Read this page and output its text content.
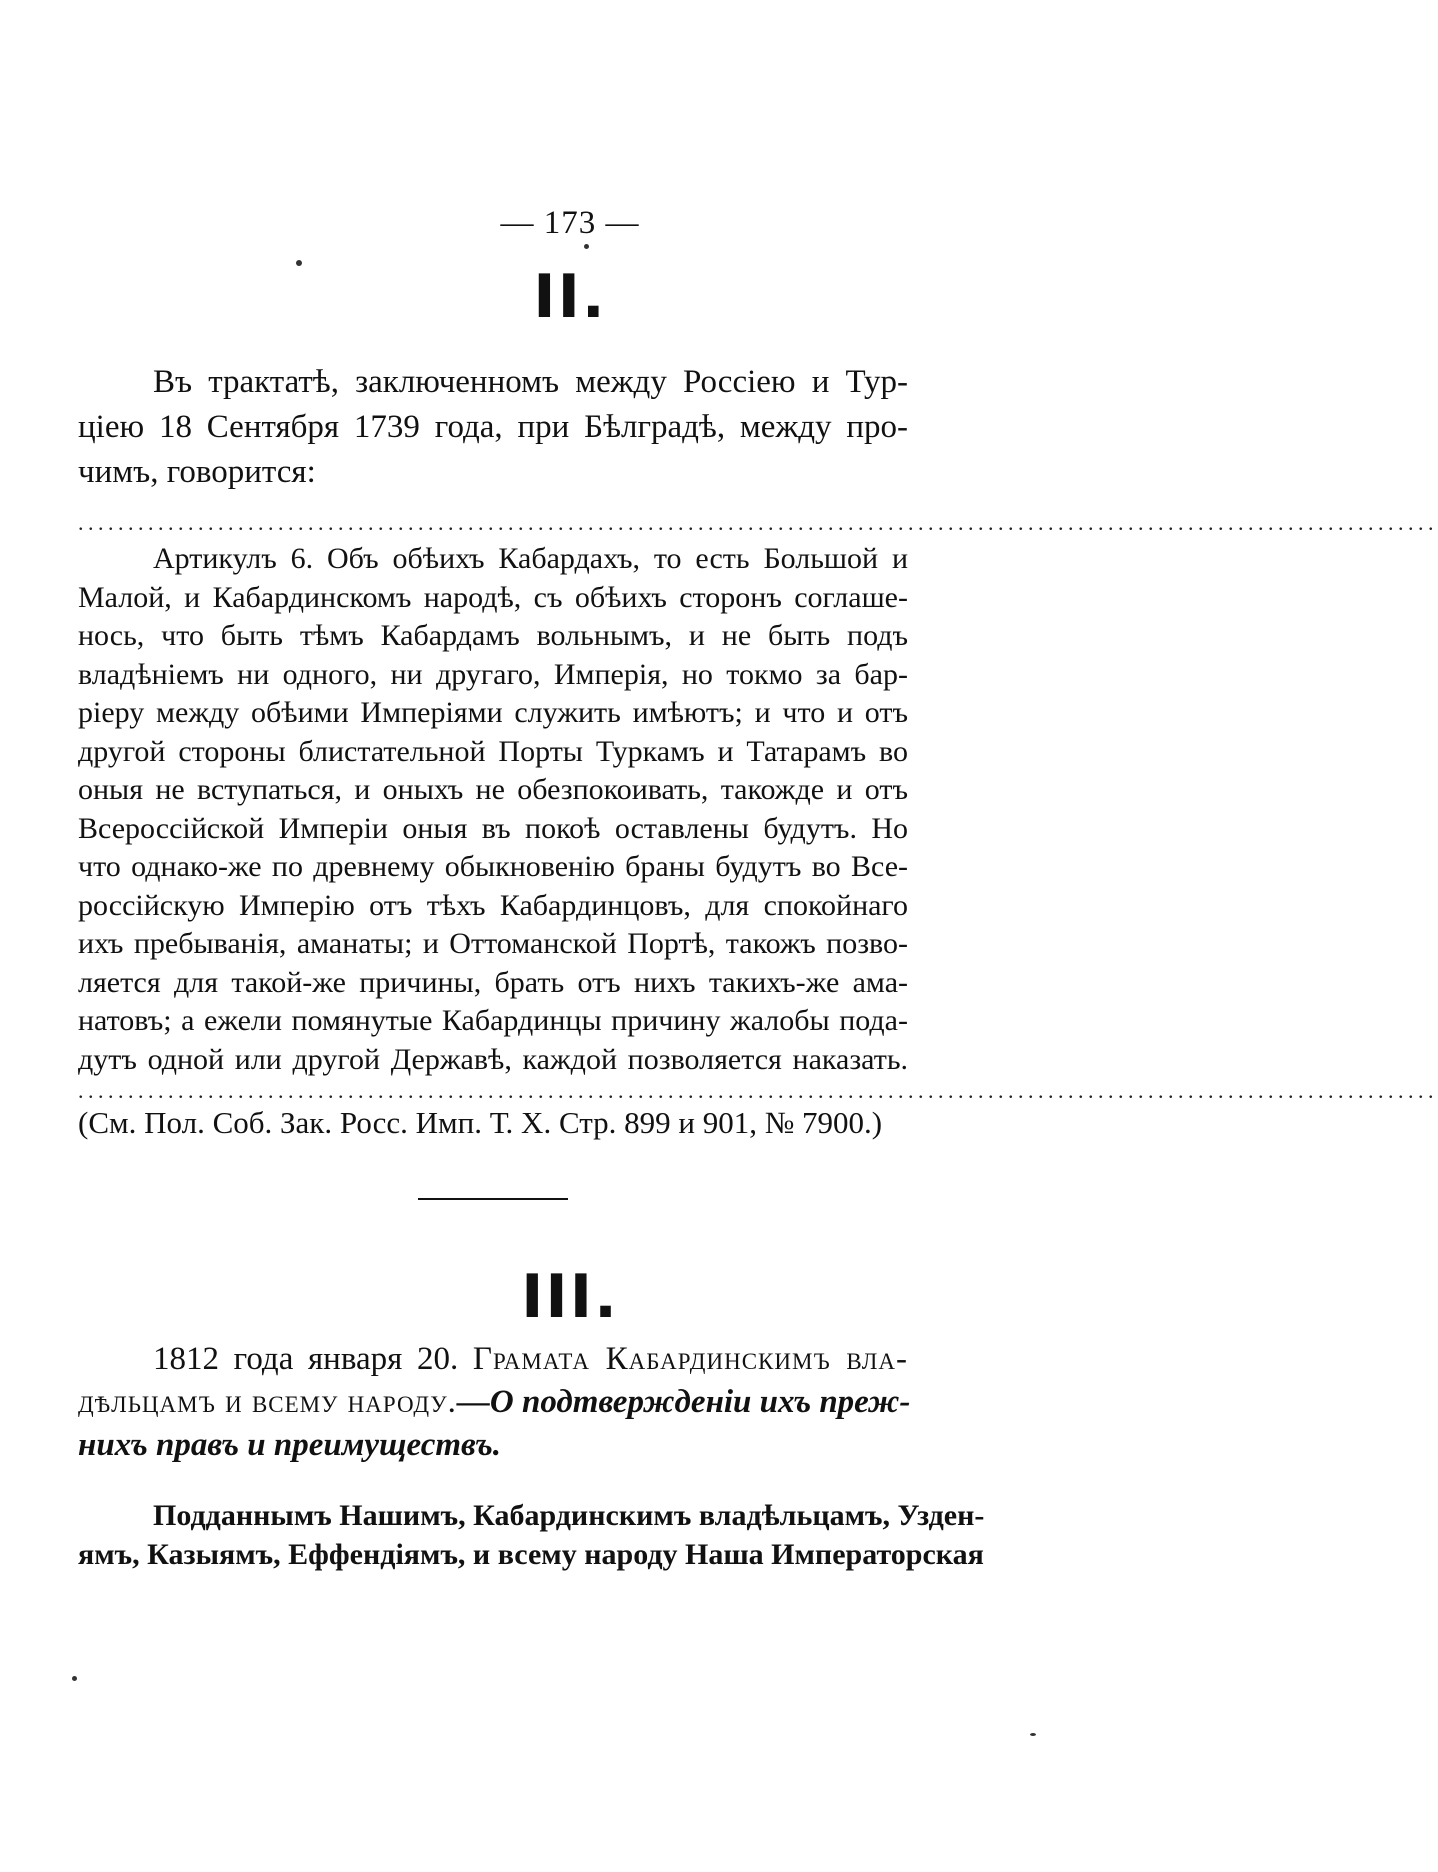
— 173 —
II.
Въ трактатѣ, заключенномъ между Россіею и Тур-
ціею 18 Сентября 1739 года, при Бѣлградѣ, между про-
чимъ, говорится:
........................................................................................................................................
Артикулъ 6. Объ обѣихъ Кабардахъ, то есть Большой и
Малой, и Кабардинскомъ народѣ, съ обѣихъ сторонъ соглаше-
нось, что быть тѣмъ Кабардамъ вольнымъ, и не быть подъ
владѣніемъ ни одного, ни другаго, Имперія, но токмо за бар-
ріеру между обѣими Имперіями служить имѣютъ; и что и отъ
другой стороны блистательной Порты Туркамъ и Татарамъ во
оныя не вступаться, и оныхъ не обезпокоивать, такожде и отъ
Всероссійской Имперіи оныя въ покоѣ оставлены будутъ. Но
что однако-же по древнему обыкновенію браны будутъ во Все-
россійскую Имперію отъ тѣхъ Кабардинцовъ, для спокойнаго
ихъ пребыванія, аманаты; и Оттоманской Портѣ, такожъ позво-
ляется для такой-же причины, брать отъ нихъ такихъ-же ама-
натовъ; а ежели помянутые Кабардинцы причину жалобы пода-
дутъ одной или другой Державѣ, каждой позволяется наказать.
........................................................................................................................................
(См. Пол. Соб. Зак. Росс. Имп. Т. X. Стр. 899 и 901, № 7900.)
III.
1812 года января 20. Грамата Кабардинскимъ вла-
дѣльцамъ и всему народу.—О подтвержденіи ихъ преж-
нихъ правъ и преимуществъ.
Подданнымъ Нашимъ, Кабардинскимъ владѣльцамъ, Узден-
ямъ, Казыямъ, Еффендіямъ, и всему народу Наша Императорская
